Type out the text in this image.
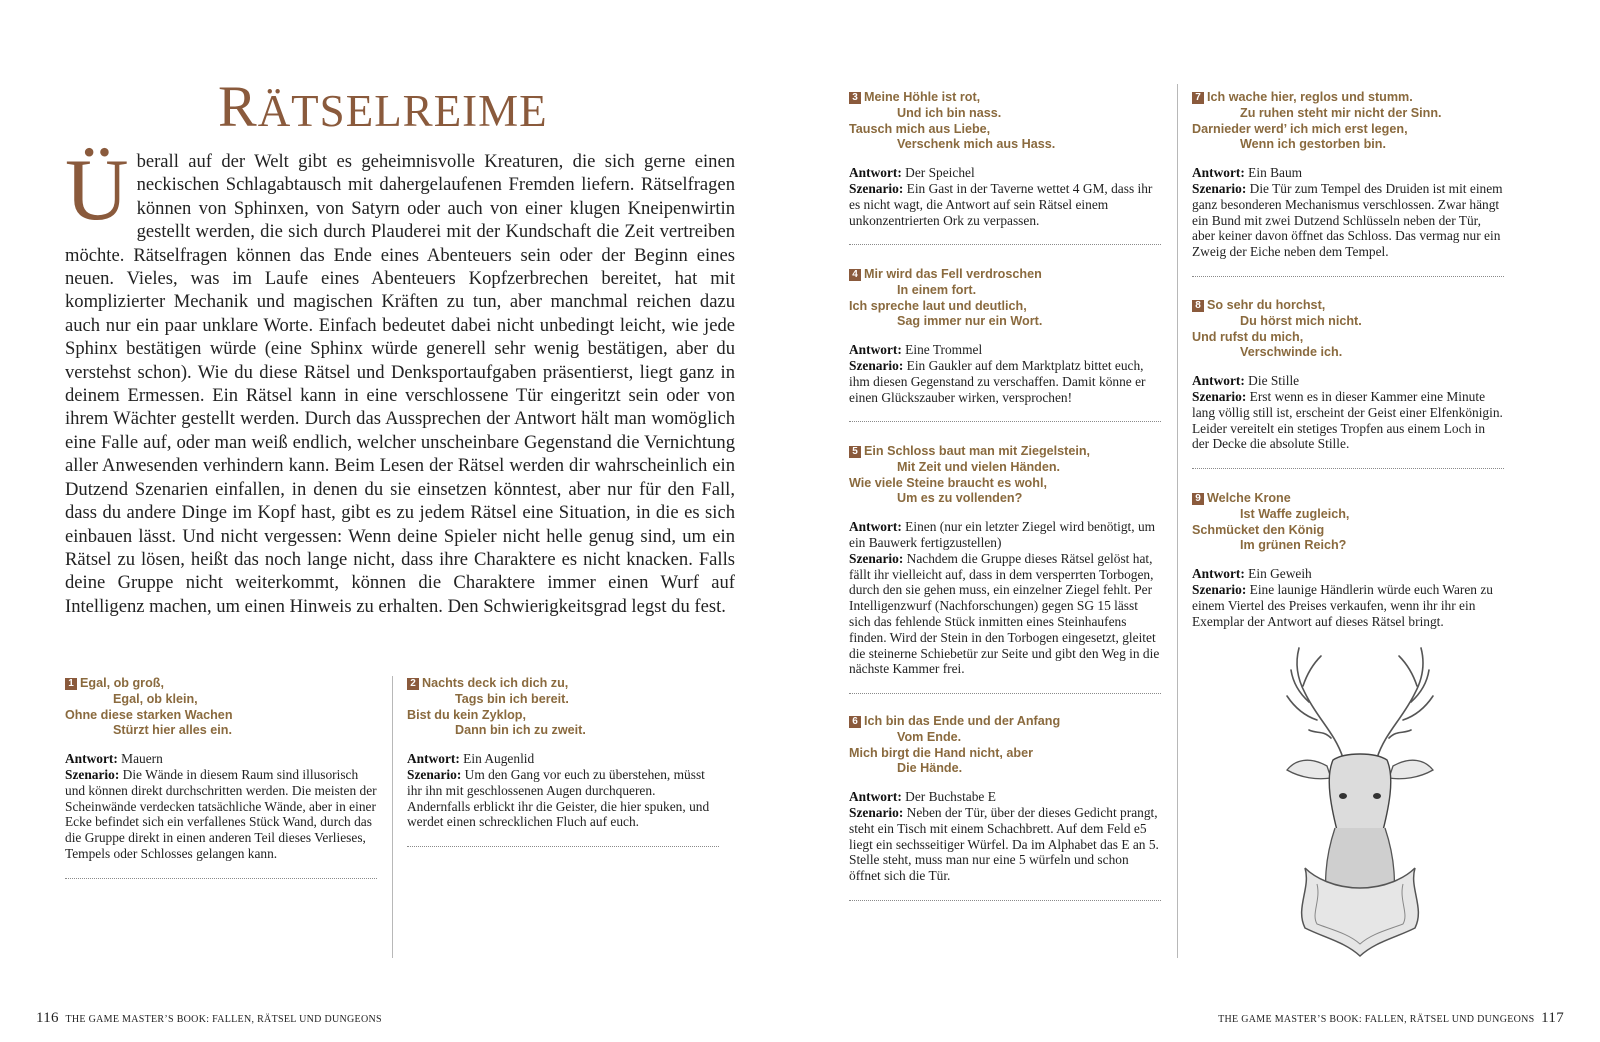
RÄTSELREIME
Überall auf der Welt gibt es geheimnisvolle Kreaturen, die sich gerne einen neckischen Schlagabtausch mit dahergelaufenen Fremden liefern. Rätselfragen können von Sphinxen, von Satyrn oder auch von einer klugen Kneipenwirtin gestellt werden, die sich durch Plauderei mit der Kundschaft die Zeit vertreiben möchte. Rätselfragen können das Ende eines Abenteuers sein oder der Beginn eines neuen. Vieles, was im Laufe eines Abenteuers Kopfzerbrechen bereitet, hat mit komplizierter Mechanik und magischen Kräften zu tun, aber manchmal reichen dazu auch nur ein paar unklare Worte. Einfach bedeutet dabei nicht unbedingt leicht, wie jede Sphinx bestätigen würde (eine Sphinx würde generell sehr wenig bestätigen, aber du verstehst schon). Wie du diese Rätsel und Denksportaufgaben präsentierst, liegt ganz in deinem Ermessen. Ein Rätsel kann in eine verschlossene Tür eingeritzt sein oder von ihrem Wächter gestellt werden. Durch das Aussprechen der Antwort hält man womöglich eine Falle auf, oder man weiß endlich, welcher unscheinbare Gegenstand die Vernichtung aller Anwesenden verhindern kann. Beim Lesen der Rätsel werden dir wahrscheinlich ein Dutzend Szenarien einfallen, in denen du sie einsetzen könntest, aber nur für den Fall, dass du andere Dinge im Kopf hast, gibt es zu jedem Rätsel eine Situation, in die es sich einbauen lässt. Und nicht vergessen: Wenn deine Spieler nicht helle genug sind, um ein Rätsel zu lösen, heißt das noch lange nicht, dass ihre Charaktere es nicht knacken. Falls deine Gruppe nicht weiterkommt, können die Charaktere immer einen Wurf auf Intelligenz machen, um einen Hinweis zu erhalten. Den Schwierigkeitsgrad legst du fest.
1 Egal, ob groß,
Egal, ob klein,
Ohne diese starken Wachen
Stürzt hier alles ein.

Antwort: Mauern

Szenario: Die Wände in diesem Raum sind illusorisch und können direkt durchschritten werden. Die meisten der Scheinwände verdecken tatsächliche Wände, aber in einer Ecke befindet sich ein verfallenes Stück Wand, durch das die Gruppe direkt in einen anderen Teil dieses Verlieses, Tempels oder Schlosses gelangen kann.

2 Nachts deck ich dich zu,
Tags bin ich bereit.
Bist du kein Zyklop,
Dann bin ich zu zweit.

Antwort: Ein Augenlid

Szenario: Um den Gang vor euch zu überstehen, müsst ihr ihn mit geschlossenen Augen durchqueren. Andernfalls erblickt ihr die Geister, die hier spuken, und werdet einen schrecklichen Fluch auf euch.

3 Meine Höhle ist rot,
Und ich bin nass.
Tausch mich aus Liebe,
Verschenk mich aus Hass.

Antwort: Der Speichel

Szenario: Ein Gast in der Taverne wettet 4 GM, dass ihr es nicht wagt, die Antwort auf sein Rätsel einem unkonzentrierten Ork zu verpassen.

4 Mir wird das Fell verdroschen
In einem fort.
Ich spreche laut und deutlich,
Sag immer nur ein Wort.

Antwort: Eine Trommel

Szenario: Ein Gaukler auf dem Marktplatz bittet euch, ihm diesen Gegenstand zu verschaffen. Damit könne er einen Glückszauber wirken, versprochen!

5 Ein Schloss baut man mit Ziegelstein,
Mit Zeit und vielen Händen.
Wie viele Steine braucht es wohl,
Um es zu vollenden?

Antwort: Einen (nur ein letzter Ziegel wird benötigt, um ein Bauwerk fertigzustellen)

Szenario: Nachdem die Gruppe dieses Rätsel gelöst hat, fällt ihr vielleicht auf, dass in dem versperrten Torbogen, durch den sie gehen muss, ein einzelner Ziegel fehlt. Per Intelligenzwurf (Nachforschungen) gegen SG 15 lässt sich das fehlende Stück inmitten eines Steinhaufens finden. Wird der Stein in den Torbogen eingesetzt, gleitet die steinerne Schiebetür zur Seite und gibt den Weg in die nächste Kammer frei.

6 Ich bin das Ende und der Anfang
Vom Ende.
Mich birgt die Hand nicht, aber
Die Hände.

Antwort: Der Buchstabe E

Szenario: Neben der Tür, über der dieses Gedicht prangt, steht ein Tisch mit einem Schachbrett. Auf dem Feld e5 liegt ein sechsseitiger Würfel. Da im Alphabet das E an 5. Stelle steht, muss man nur eine 5 würfeln und schon öffnet sich die Tür.

7 Ich wache hier, reglos und stumm.
Zu ruhen steht mir nicht der Sinn.
Darnieder werd’ ich mich erst legen,
Wenn ich gestorben bin.

Antwort: Ein Baum

Szenario: Die Tür zum Tempel des Druiden ist mit einem ganz besonderen Mechanismus verschlossen. Zwar hängt ein Bund mit zwei Dutzend Schlüsseln neben der Tür, aber keiner davon öffnet das Schloss. Das vermag nur ein Zweig der Eiche neben dem Tempel.

8 So sehr du horchst,
Du hörst mich nicht.
Und rufst du mich,
Verschwinde ich.

Antwort: Die Stille

Szenario: Erst wenn es in dieser Kammer eine Minute lang völlig still ist, erscheint der Geist einer Elfenkönigin. Leider vereitelt ein stetiges Tropfen aus einem Loch in der Decke die absolute Stille.

9 Welche Krone
Ist Waffe zugleich,
Schmücket den König
Im grünen Reich?

Antwort: Ein Geweih

Szenario: Eine launige Händlerin würde euch Waren zu einem Viertel des Preises verkaufen, wenn ihr ihr ein Exemplar der Antwort auf dieses Rätsel bringt.

116 THE GAME MASTER’S BOOK: FALLEN, RÄTSEL UND DUNGEONS	THE GAME MASTER’S BOOK: FALLEN, RÄTSEL UND DUNGEONS 117
